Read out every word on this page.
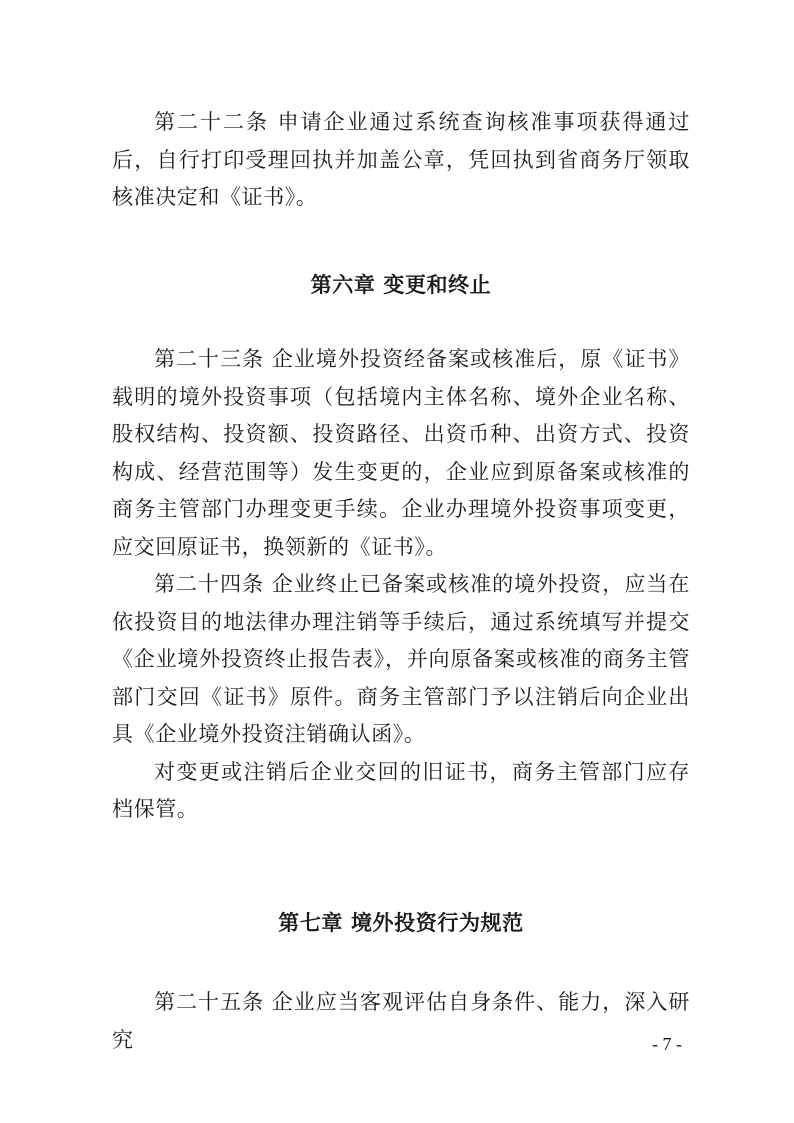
第二十二条 申请企业通过系统查询核准事项获得通过后，自行打印受理回执并加盖公章，凭回执到省商务厅领取核准决定和《证书》。

第六章 变更和终止

第二十三条 企业境外投资经备案或核准后，原《证书》载明的境外投资事项（包括境内主体名称、境外企业名称、股权结构、投资额、投资路径、出资币种、出资方式、投资构成、经营范围等）发生变更的，企业应到原备案或核准的商务主管部门办理变更手续。企业办理境外投资事项变更，应交回原证书，换领新的《证书》。

第二十四条 企业终止已备案或核准的境外投资，应当在依投资目的地法律办理注销等手续后，通过系统填写并提交《企业境外投资终止报告表》，并向原备案或核准的商务主管部门交回《证书》原件。商务主管部门予以注销后向企业出具《企业境外投资注销确认函》。

对变更或注销后企业交回的旧证书，商务主管部门应存档保管。

第七章 境外投资行为规范

第二十五条 企业应当客观评估自身条件、能力，深入研究	- 7 -
